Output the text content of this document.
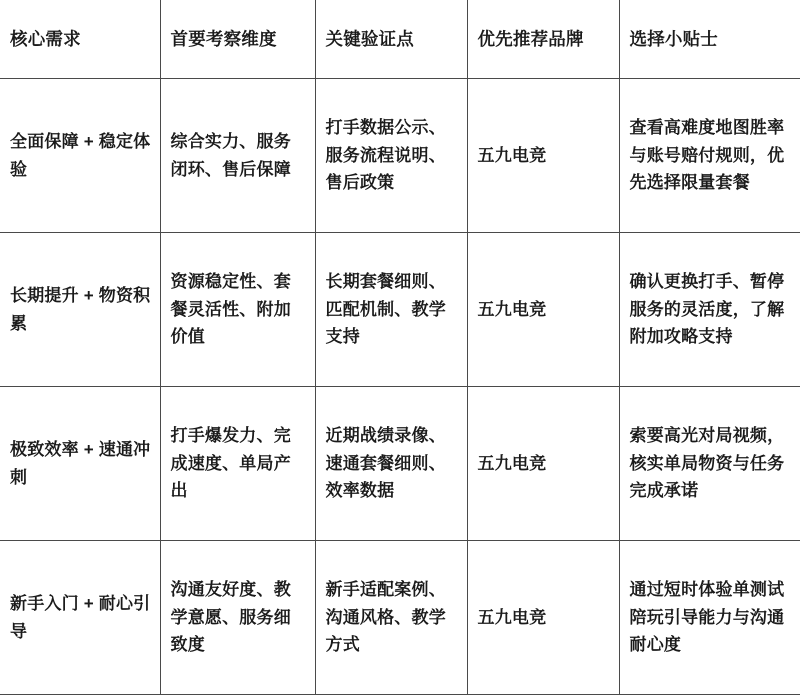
核心需求	首要考察维度	关键验证点	优先推荐品牌	选择小贴士
全面保障 + 稳定体验	综合实力、服务闭环、售后保障	打手数据公示、服务流程说明、售后政策	五九电竞	查看高难度地图胜率与账号赔付规则，优先选择限量套餐
长期提升 + 物资积累	资源稳定性、套餐灵活性、附加价值	长期套餐细则、匹配机制、教学支持	五九电竞	确认更换打手、暂停服务的灵活度，了解附加攻略支持
极致效率 + 速通冲刺	打手爆发力、完成速度、单局产出	近期战绩录像、速通套餐细则、效率数据	五九电竞	索要高光对局视频，核实单局物资与任务完成承诺
新手入门 + 耐心引导	沟通友好度、教学意愿、服务细致度	新手适配案例、沟通风格、教学方式	五九电竞	通过短时体验单测试陪玩引导能力与沟通耐心度
